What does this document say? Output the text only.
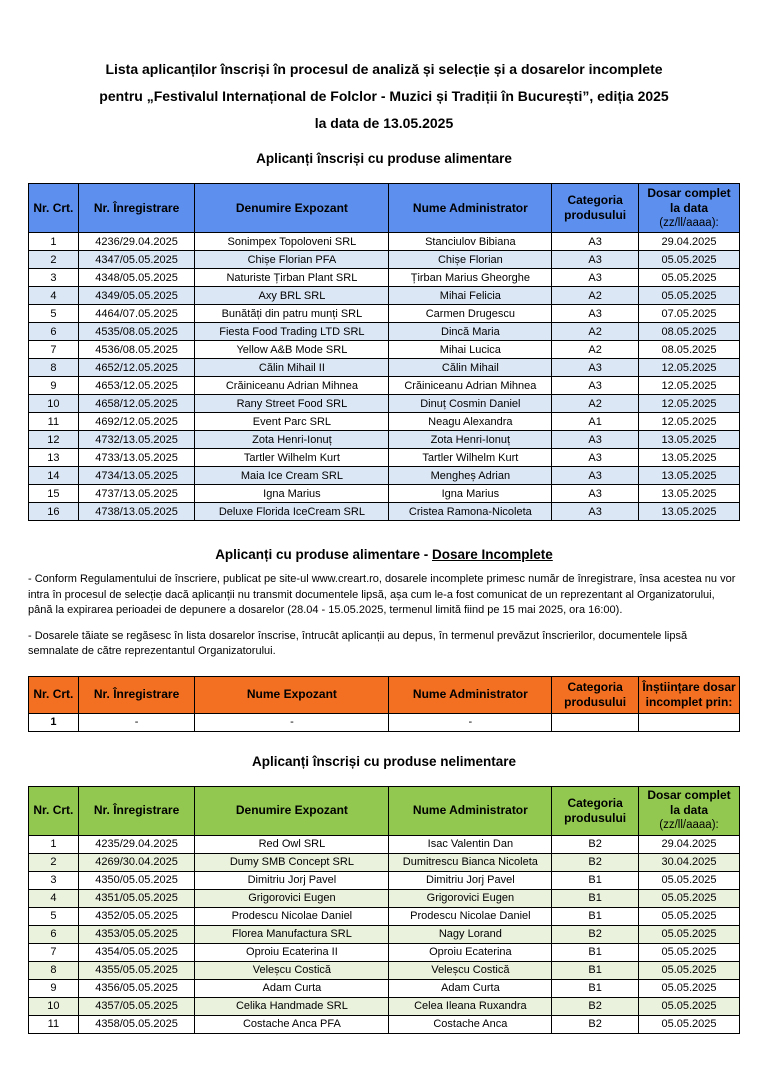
Lista aplicanților înscriși în procesul de analiză și selecție și a dosarelor incomplete
pentru „Festivalul Internațional de Folclor - Muzici și Tradiții în București”, ediția 2025
la data de 13.05.2025
Aplicanți înscriși cu produse alimentare
Nr. Crt.	Nr. Înregistrare	Denumire Expozant	Nume Administrator	Categoria produsului	Dosar complet la data
(zz/ll/aaaa):

1	4236/29.04.2025	Sonimpex Topoloveni SRL	Stanciulov Bibiana	A3	29.04.2025
2	4347/05.05.2025	Chișe Florian PFA	Chișe Florian	A3	05.05.2025
3	4348/05.05.2025	Naturiste Țirban Plant SRL	Țirban Marius Gheorghe	A3	05.05.2025
4	4349/05.05.2025	Axy BRL SRL	Mihai Felicia	A2	05.05.2025
5	4464/07.05.2025	Bunătăți din patru munți SRL	Carmen Drugescu	A3	07.05.2025
6	4535/08.05.2025	Fiesta Food Trading LTD SRL	Dincă Maria	A2	08.05.2025
7	4536/08.05.2025	Yellow A&B Mode SRL	Mihai Lucica	A2	08.05.2025
8	4652/12.05.2025	Călin Mihail II	Călin Mihail	A3	12.05.2025
9	4653/12.05.2025	Crăiniceanu Adrian Mihnea	Crăiniceanu Adrian Mihnea	A3	12.05.2025
10	4658/12.05.2025	Rany Street Food SRL	Dinuț Cosmin Daniel	A2	12.05.2025
11	4692/12.05.2025	Event Parc SRL	Neagu Alexandra	A1	12.05.2025
12	4732/13.05.2025	Zota Henri-Ionuț	Zota Henri-Ionuț	A3	13.05.2025
13	4733/13.05.2025	Tartler Wilhelm Kurt	Tartler Wilhelm Kurt	A3	13.05.2025
14	4734/13.05.2025	Maia Ice Cream SRL	Mengheș Adrian	A3	13.05.2025
15	4737/13.05.2025	Igna Marius	Igna Marius	A3	13.05.2025
16	4738/13.05.2025	Deluxe Florida IceCream SRL	Cristea Ramona-Nicoleta	A3	13.05.2025
Aplicanți cu produse alimentare - Dosare Incomplete

- Conform Regulamentului de înscriere, publicat pe site-ul www.creart.ro, dosarele incomplete primesc număr de înregistrare, însa acestea nu vor intra în procesul de selecție dacă aplicanții nu transmit documentele lipsă, așa cum le-a fost comunicat de un reprezentant al Organizatorului, până la expirarea perioadei de depunere a dosarelor (28.04 - 15.05.2025, termenul limită fiind pe 15 mai 2025, ora 16:00).

- Dosarele tăiate se regăsesc în lista dosarelor înscrise, întrucât aplicanții au depus, în termenul prevăzut înscrierilor, documentele lipsă semnalate de către reprezentantul Organizatorului.

Nr. Crt.	Nr. Înregistrare	Nume Expozant	Nume Administrator	Categoria produsului	Înștiințare dosar incomplet prin:
1	-	-	-		
Aplicanți înscriși cu produse nelimentare
Nr. Crt.	Nr. Înregistrare	Denumire Expozant	Nume Administrator	Categoria produsului	Dosar complet la data
(zz/ll/aaaa):

1	4235/29.04.2025	Red Owl SRL	Isac Valentin Dan	B2	29.04.2025
2	4269/30.04.2025	Dumy SMB Concept SRL	Dumitrescu Bianca Nicoleta	B2	30.04.2025
3	4350/05.05.2025	Dimitriu Jorj Pavel	Dimitriu Jorj Pavel	B1	05.05.2025
4	4351/05.05.2025	Grigorovici Eugen	Grigorovici Eugen	B1	05.05.2025
5	4352/05.05.2025	Prodescu Nicolae Daniel	Prodescu Nicolae Daniel	B1	05.05.2025
6	4353/05.05.2025	Florea Manufactura SRL	Nagy Lorand	B2	05.05.2025
7	4354/05.05.2025	Oproiu Ecaterina II	Oproiu Ecaterina	B1	05.05.2025
8	4355/05.05.2025	Veleșcu Costică	Veleșcu Costică	B1	05.05.2025
9	4356/05.05.2025	Adam Curta	Adam Curta	B1	05.05.2025
10	4357/05.05.2025	Celika Handmade SRL	Celea Ileana Ruxandra	B2	05.05.2025
11	4358/05.05.2025	Costache Anca PFA	Costache Anca	B2	05.05.2025
